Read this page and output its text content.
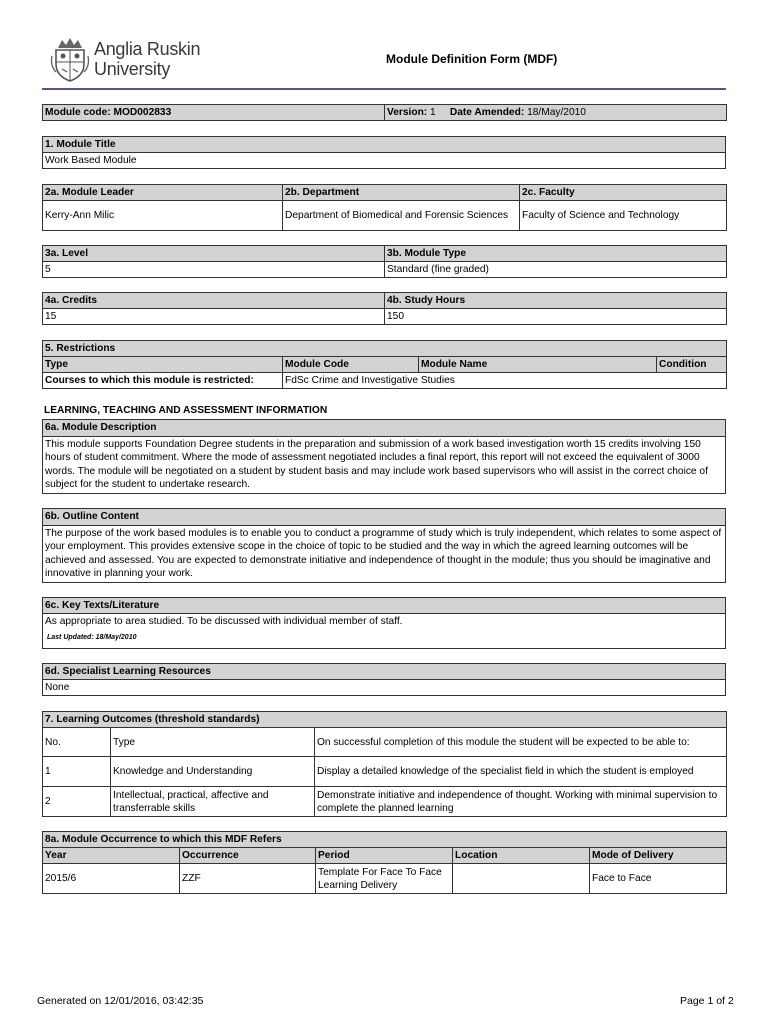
Anglia Ruskin
University	Module Definition Form (MDF)
Module code: MOD002833	Version: 1 Date Amended: 18/May/2010
1. Module Title
Work Based Module
2a. Module Leader	2b. Department	2c. Faculty
Kerry-Ann Milic	Department of Biomedical and Forensic Sciences	Faculty of Science and Technology
3a. Level	3b. Module Type
5	Standard (fine graded)
4a. Credits	4b. Study Hours
15	150
5. Restrictions			
Type	Module Code	Module Name	Condition
Courses to which this module is restricted:	FdSc Crime and Investigative Studies		
LEARNING, TEACHING AND ASSESSMENT INFORMATION
6a. Module Description
This module supports Foundation Degree students in the preparation and submission of a work based investigation worth 15 credits involving 150 hours of student commitment. Where the mode of assessment negotiated includes a final report, this report will not exceed the equivalent of 3000 words. The module will be negotiated on a student by student basis and may include work based supervisors who will assist in the correct choice of subject for the student to undertake research.
6b. Outline Content
The purpose of the work based modules is to enable you to conduct a programme of study which is truly independent, which relates to some aspect of your employment. This provides extensive scope in the choice of topic to be studied and the way in which the agreed learning outcomes will be achieved and assessed. You are expected to demonstrate initiative and independence of thought in the module; thus you should be imaginative and innovative in planning your work.
6c. Key Texts/Literature

As appropriate to area studied. To be discussed with individual member of staff.
Last Updated: 18/May/2010
6d. Specialist Learning Resources
None
7. Learning Outcomes (threshold standards)		
No.	Type	On successful completion of this module the student will be expected to be able to:
1	Knowledge and Understanding	Display a detailed knowledge of the specialist field in which the student is employed
2	Intellectual, practical, affective and transferrable skills	Demonstrate initiative and independence of thought. Working with minimal supervision to complete the planned learning
8a. Module Occurrence to which this MDF Refers				
Year	Occurrence	Period	Location	Mode of Delivery
2015/6	ZZF	Template For Face To Face Learning Delivery		Face to Face
Generated on 12/01/2016, 03:42:35	Page 1 of 2
